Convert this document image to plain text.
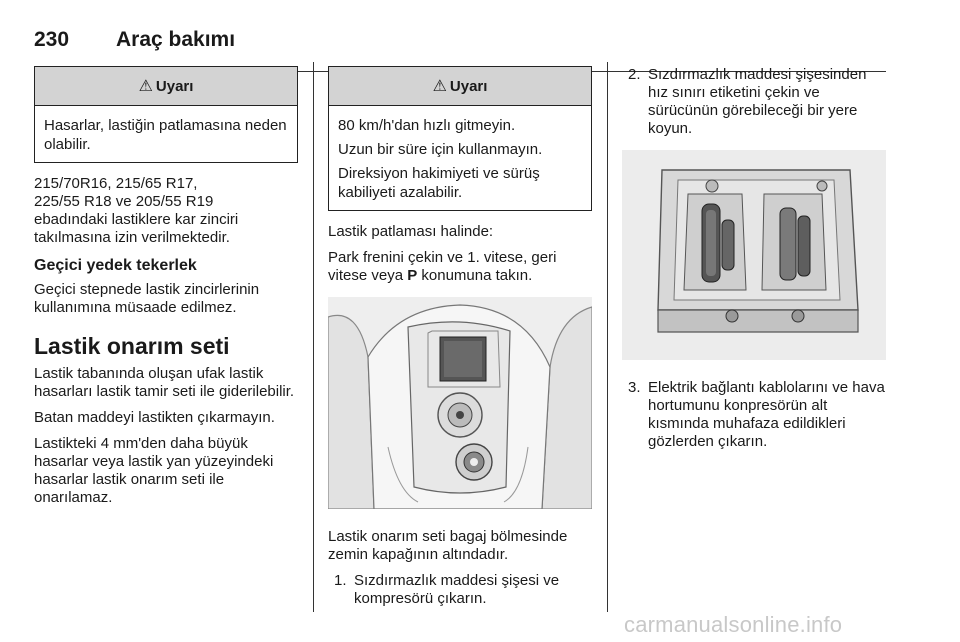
230 Araç bakımı
⚠ Uyarı

Hasarlar, lastiğin patlamasına neden olabilir.

215/70R16, 215/65 R17,
225/55 R18 ve 205/55 R19
ebadındaki lastiklere kar zinciri
takılmasına izin verilmektedir.

Geçici yedek tekerlek

Geçici stepnede lastik zincirlerinin kullanımına müsaade edilmez.

Lastik onarım seti

Lastik tabanında oluşan ufak lastik hasarları lastik tamir seti ile giderilebilir.

Batan maddeyi lastikten çıkarmayın.

Lastikteki 4 mm'den daha büyük hasarlar veya lastik yan yüzeyindeki hasarlar lastik onarım seti ile onarılamaz.

⚠ Uyarı

80 km/h'dan hızlı gitmeyin.

Uzun bir süre için kullanmayın.

Direksiyon hakimiyeti ve sürüş kabiliyeti azalabilir.

Lastik patlaması halinde:

Park frenini çekin ve 1. vitese, geri vitese veya P konumuna takın.

Lastik onarım seti bagaj bölmesinde zemin kapağının altındadır.

1. Sızdırmazlık maddesi şişesi ve kompresörü çıkarın.
2. Sızdırmazlık maddesi şişesinden hız sınırı etiketini çekin ve sürücünün görebileceği bir yere koyun.
3. Elektrik bağlantı kablolarını ve hava hortumunu konpresörün alt kısmında muhafaza edildikleri gözlerden çıkarın.
carmanualsonline.info
